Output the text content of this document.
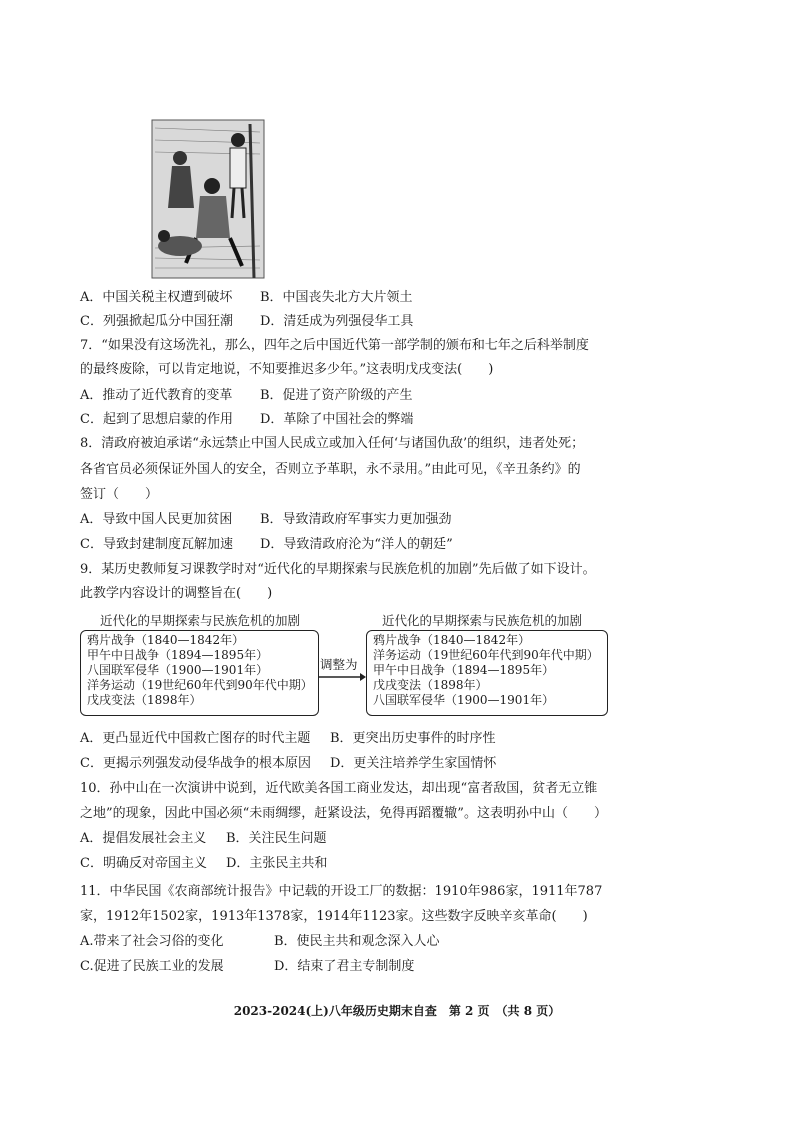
A．中国关税主权遭到破坏 B．中国丧失北方大片领土
C．列强掀起瓜分中国狂潮 D．清廷成为列强侵华工具
7．“如果没有这场洗礼，那么，四年之后中国近代第一部学制的颁布和七年之后科举制度
的最终废除，可以肯定地说，不知要推迟多少年。”这表明戊戌变法(　　)
A．推动了近代教育的变革 B．促进了资产阶级的产生
C．起到了思想启蒙的作用 D．革除了中国社会的弊端
8．清政府被迫承诺“永远禁止中国人民成立或加入任何‘与诸国仇敌’的组织，违者处死；
各省官员必须保证外国人的安全，否则立予革职，永不录用。”由此可见，《辛丑条约》的
签订（　　）
A．导致中国人民更加贫困 B．导致清政府军事实力更加强劲
C．导致封建制度瓦解加速 D．导致清政府沦为“洋人的朝廷”
9．某历史教师复习课教学时对“近代化的早期探索与民族危机的加剧”先后做了如下设计。
此教学内容设计的调整旨在(　　)
近代化的早期探索与民族危机的加剧
鸦片战争（1840—1842年）
甲午中日战争（1894—1895年）
八国联军侵华（1900—1901年）
洋务运动（19世纪60年代到90年代中期）
戊戌变法（1898年）
调整为
近代化的早期探索与民族危机的加剧
鸦片战争（1840—1842年）
洋务运动（19世纪60年代到90年代中期）
甲午中日战争（1894—1895年）
戊戌变法（1898年）
八国联军侵华（1900—1901年）
A．更凸显近代中国救亡图存的时代主题 B．更突出历史事件的时序性
C．更揭示列强发动侵华战争的根本原因 D．更关注培养学生家国情怀
10．孙中山在一次演讲中说到，近代欧美各国工商业发达，却出现“富者敌国，贫者无立锥
之地”的现象，因此中国必须“未雨绸缪，赶紧设法，免得再蹈覆辙”。这表明孙中山（　　）
A．提倡发展社会主义 B．关注民生问题
C．明确反对帝国主义 D．主张民主共和
11．中华民国《农商部统计报告》中记载的开设工厂的数据：1910年986家，1911年787
家，1912年1502家，1913年1378家，1914年1123家。这些数字反映辛亥革命(　　)
A.带来了社会习俗的变化	B．使民主共和观念深入人心
C.促进了民族工业的发展	D．结束了君主专制制度
2023-2024(上)八年级历史期末自查　第 2 页　（共 8 页）
